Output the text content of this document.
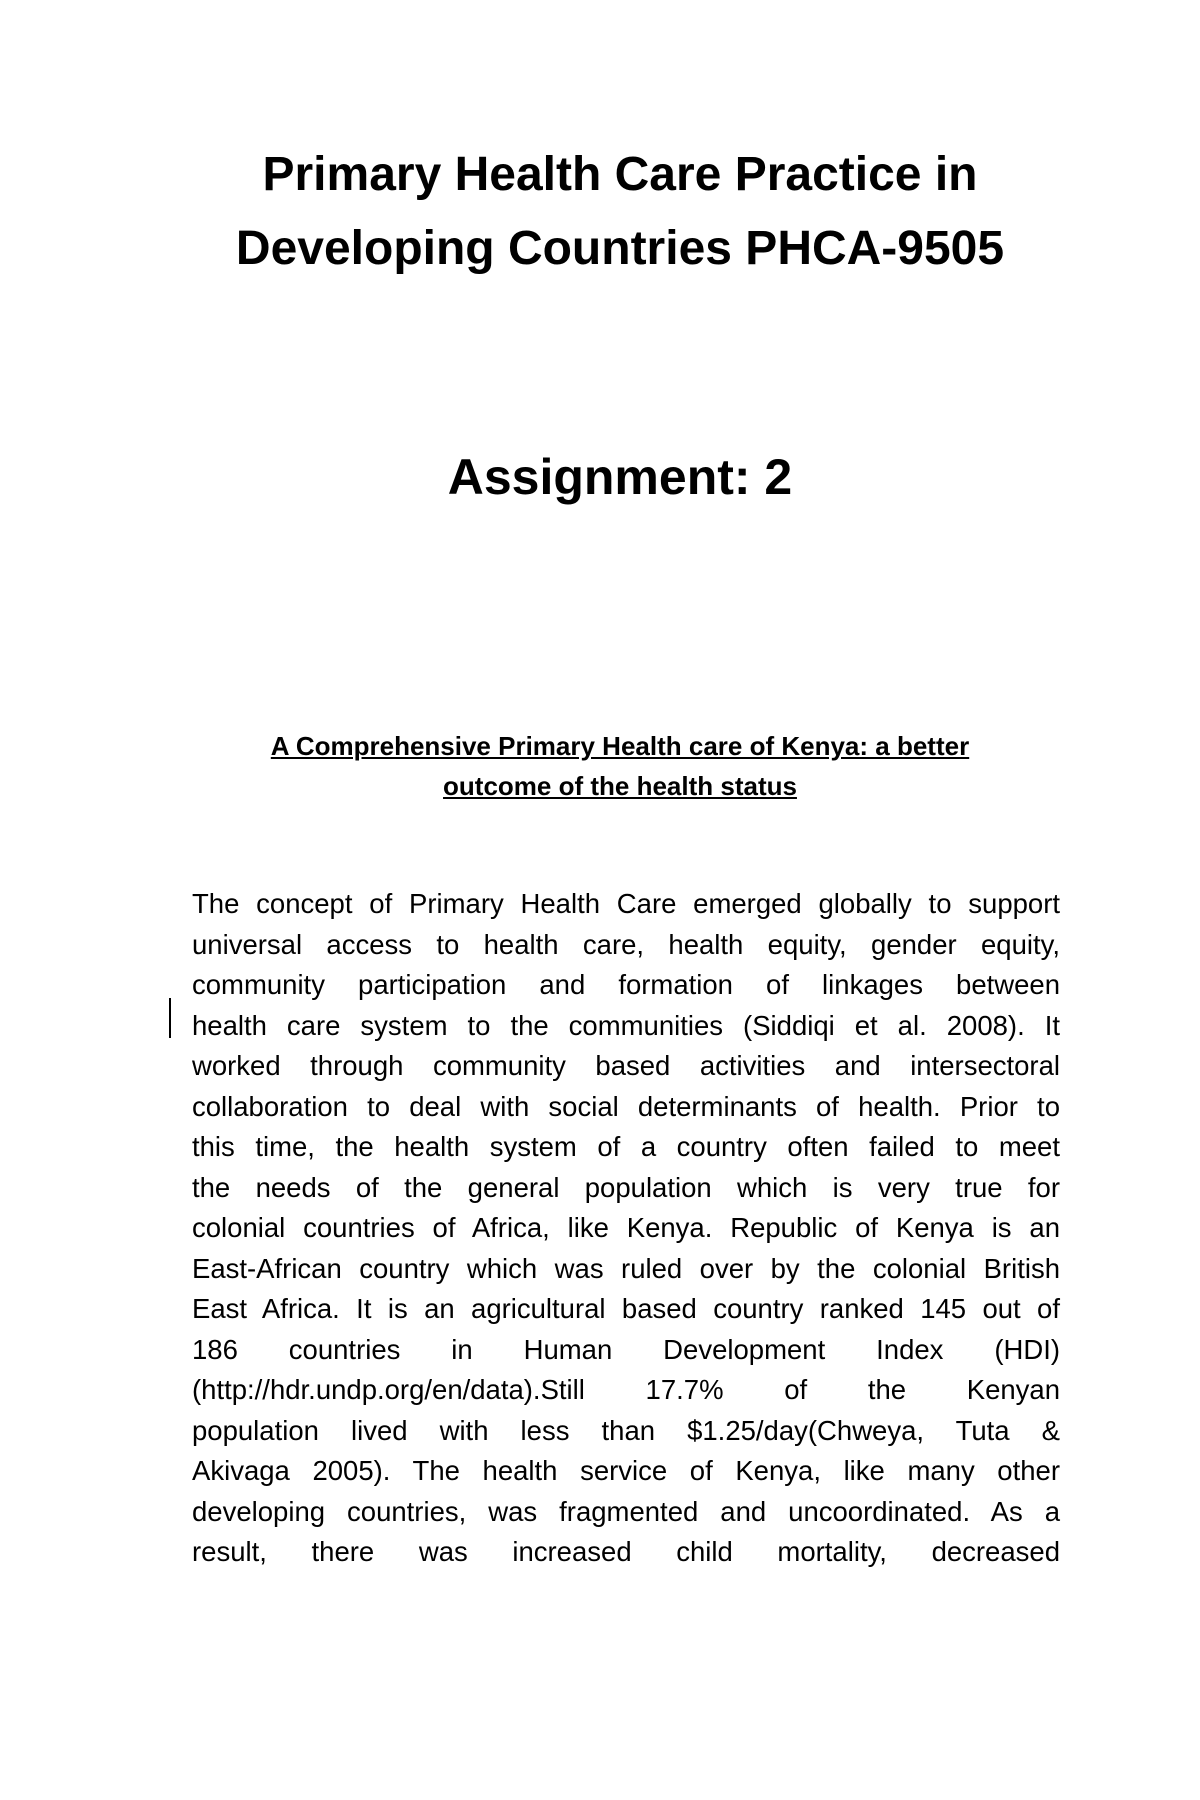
Primary Health Care Practice in
Developing Countries PHCA-9505
Assignment: 2
A Comprehensive Primary Health care of Kenya: a better
outcome of the health status
The concept of Primary Health Care emerged globally to support
universal access to health care, health equity, gender equity,
community participation and formation of linkages between
health care system to the communities (Siddiqi et al. 2008). It
worked through community based activities and intersectoral
collaboration to deal with social determinants of health. Prior to
this time, the health system of a country often failed to meet
the needs of the general population which is very true for
colonial countries of Africa, like Kenya. Republic of Kenya is an
East-African country which was ruled over by the colonial British
East Africa. It is an agricultural based country ranked 145 out of
186 countries in Human Development Index (HDI)
(http://hdr.undp.org/en/data).Still 17.7% of the Kenyan
population lived with less than $1.25/day(Chweya, Tuta &
Akivaga 2005). The health service of Kenya, like many other
developing countries, was fragmented and uncoordinated. As a
result, there was increased child mortality, decreased
